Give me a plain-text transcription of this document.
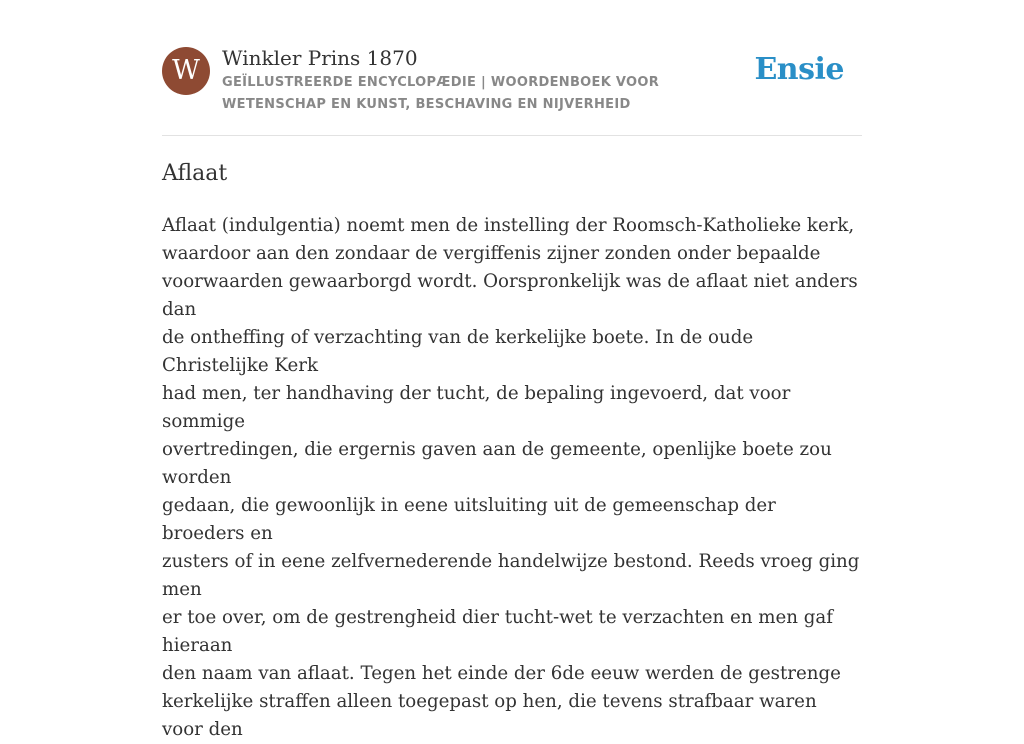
W	Winkler Prins 1870
GEÏLLUSTREERDE ENCYCLOPÆDIE | WOORDENBOEK VOOR WETENSCHAP EN KUNST, BESCHAVING EN NIJVERHEID
Ensie
Aflaat

Aflaat (indulgentia) noemt men de instelling der Roomsch-Katholieke kerk,
waardoor aan den zondaar de vergiffenis zijner zonden onder bepaalde
voorwaarden gewaarborgd wordt. Oorspronkelijk was de aflaat niet anders dan
de ontheffing of verzachting van de kerkelijke boete. In de oude Christelijke Kerk
had men, ter handhaving der tucht, de bepaling ingevoerd, dat voor sommige
overtredingen, die ergernis gaven aan de gemeente, openlijke boete zou worden
gedaan, die gewoonlijk in eene uitsluiting uit de gemeenschap der broeders en
zusters of in eene zelfvernederende handelwijze bestond. Reeds vroeg ging men
er toe over, om de gestrengheid dier tucht-wet te verzachten en men gaf hieraan
den naam van aflaat. Tegen het einde der 6de eeuw werden de gestrenge
kerkelijke straffen alleen toegepast op hen, die tevens strafbaar waren voor den
